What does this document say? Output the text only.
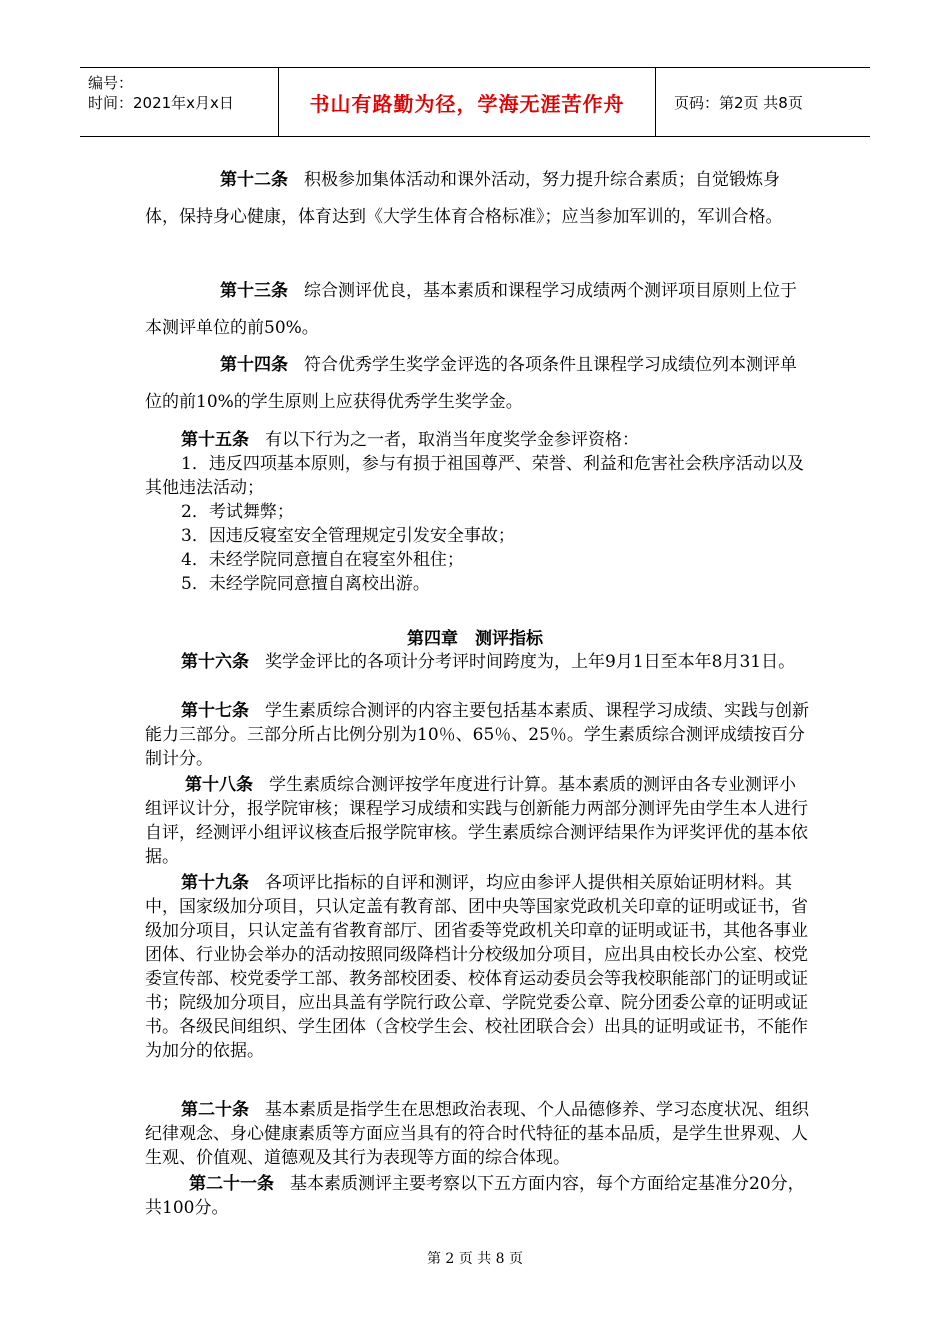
编号：
时间：2021年x月x日	书山有路勤为径，学海无涯苦作舟	页码：第2页 共8页
第十二条 积极参加集体活动和课外活动，努力提升综合素质；自觉锻炼身体，保持身心健康，体育达到《大学生体育合格标准》；应当参加军训的，军训合格。
第十三条 综合测评优良，基本素质和课程学习成绩两个测评项目原则上位于本测评单位的前50%。
第十四条 符合优秀学生奖学金评选的各项条件且课程学习成绩位列本测评单位的前10%的学生原则上应获得优秀学生奖学金。
第十五条 有以下行为之一者，取消当年度奖学金参评资格：
1．违反四项基本原则，参与有损于祖国尊严、荣誉、利益和危害社会秩序活动以及其他违法活动；
2．考试舞弊；
3．因违反寝室安全管理规定引发安全事故；
4．未经学院同意擅自在寝室外租住；
5．未经学院同意擅自离校出游。
第四章　测评指标
第十六条 奖学金评比的各项计分考评时间跨度为，上年9月1日至本年8月31日。
第十七条 学生素质综合测评的内容主要包括基本素质、课程学习成绩、实践与创新能力三部分。三部分所占比例分别为10％、65％、25％。学生素质综合测评成绩按百分制计分。
第十八条 学生素质综合测评按学年度进行计算。基本素质的测评由各专业测评小组评议计分，报学院审核；课程学习成绩和实践与创新能力两部分测评先由学生本人进行自评，经测评小组评议核查后报学院审核。学生素质综合测评结果作为评奖评优的基本依据。
第十九条 各项评比指标的自评和测评，均应由参评人提供相关原始证明材料。其中，国家级加分项目，只认定盖有教育部、团中央等国家党政机关印章的证明或证书，省级加分项目，只认定盖有省教育部厅、团省委等党政机关印章的证明或证书，其他各事业团体、行业协会举办的活动按照同级降档计分校级加分项目，应出具由校长办公室、校党委宣传部、校党委学工部、教务部校团委、校体育运动委员会等我校职能部门的证明或证书；院级加分项目，应出具盖有学院行政公章、学院党委公章、院分团委公章的证明或证书。各级民间组织、学生团体（含校学生会、校社团联合会）出具的证明或证书，不能作为加分的依据。
第二十条 基本素质是指学生在思想政治表现、个人品德修养、学习态度状况、组织纪律观念、身心健康素质等方面应当具有的符合时代特征的基本品质，是学生世界观、人生观、价值观、道德观及其行为表现等方面的综合体现。
第二十一条 基本素质测评主要考察以下五方面内容，每个方面给定基准分20分，共100分。
第 2 页 共 8 页
